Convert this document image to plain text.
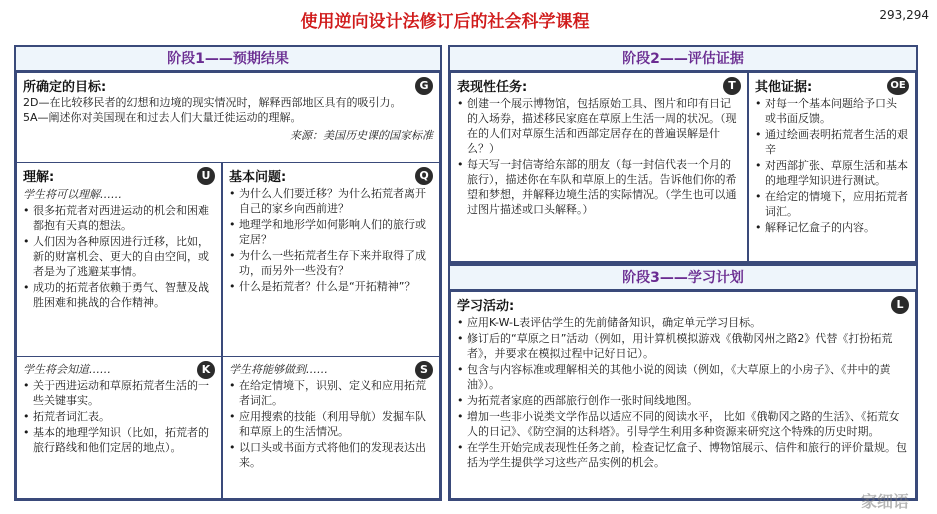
使用逆向设计法修订后的社会科学课程	293,294
阶段1——预期结果
所确定的目标:
2D—在比较移民者的幻想和边境的现实情况时，解释西部地区具有的吸引力。
5A—阐述你对美国现在和过去人们大量迁徙运动的理解。
来源：美国历史课的国家标准
G
理解:
学生将可以理解……
• 很多拓荒者对西进运动的机会和困难都抱有天真的想法。
• 人们因为各种原因进行迁移，比如，新的财富机会、更大的自由空间，或者是为了逃避某事情。
• 成功的拓荒者依赖于勇气、智慧及战胜困难和挑战的合作精神。
U	基本问题:
• 为什么人们要迁移？为什么拓荒者离开自己的家乡向西前进？
• 地理学和地形学如何影响人们的旅行或定居？
• 为什么一些拓荒者生存下来并取得了成功，而另外一些没有？
• 什么是拓荒者？什么是“开拓精神”？
Q
学生将会知道……
• 关于西进运动和草原拓荒者生活的一些关键事实。
• 拓荒者词汇表。
• 基本的地理学知识（比如，拓荒者的旅行路线和他们定居的地点）。
K	学生将能够做到……
• 在给定情境下，识别、定义和应用拓荒者词汇。
• 应用搜索的技能（利用导航）发掘车队和草原上的生活情况。
• 以口头或书面方式将他们的发现表达出来。
S
阶段2——评估证据
表现性任务:
• 创建一个展示博物馆，包括原始工具、图片和印有日记的入场券，描述移民家庭在草原上生活一周的状况。（现在的人们对草原生活和西部定居存在的普遍误解是什么？）
• 每天写一封信寄给东部的朋友（每一封信代表一个月的旅行），描述你在车队和草原上的生活。告诉他们你的希望和梦想，并解释边境生活的实际情况。（学生也可以通过图片描述或口头解释。）
T	其他证据:
• 对每一个基本问题给予口头 或书面反馈。
• 通过绘画表明拓荒者生活的艰辛
• 对西部扩张、草原生活和基本的地理学知识进行测试。
• 在给定的情境下，应用拓荒者词汇。
• 解释记忆盒子的内容。
OE
阶段3——学习计划
学习活动:
• 应用K-W-L表评估学生的先前储备知识，确定单元学习目标。
• 修订后的“草原之日”活动（例如，用计算机模拟游戏《俄勒冈州之路2》代替《打扮拓荒者》，并要求在模拟过程中记好日记）。
• 包含与内容标准或理解相关的其他小说的阅读（例如，《大草原上的小房子》、《井中的黄油》）。
• 为拓荒者家庭的西部旅行创作一张时间线地图。
• 增加一些非小说类文学作品以适应不同的阅读水平， 比如《俄勒冈之路的生活》、《拓荒女人的日记》、《防空洞的达科塔》。引导学生利用多种资源来研究这个特殊的历史时期。
• 在学生开始完成表现性任务之前，检查记忆盒子、博物馆展示、信件和旅行的评价量规。包括为学生提供学习这些产品实例的机会。
L
家细语
